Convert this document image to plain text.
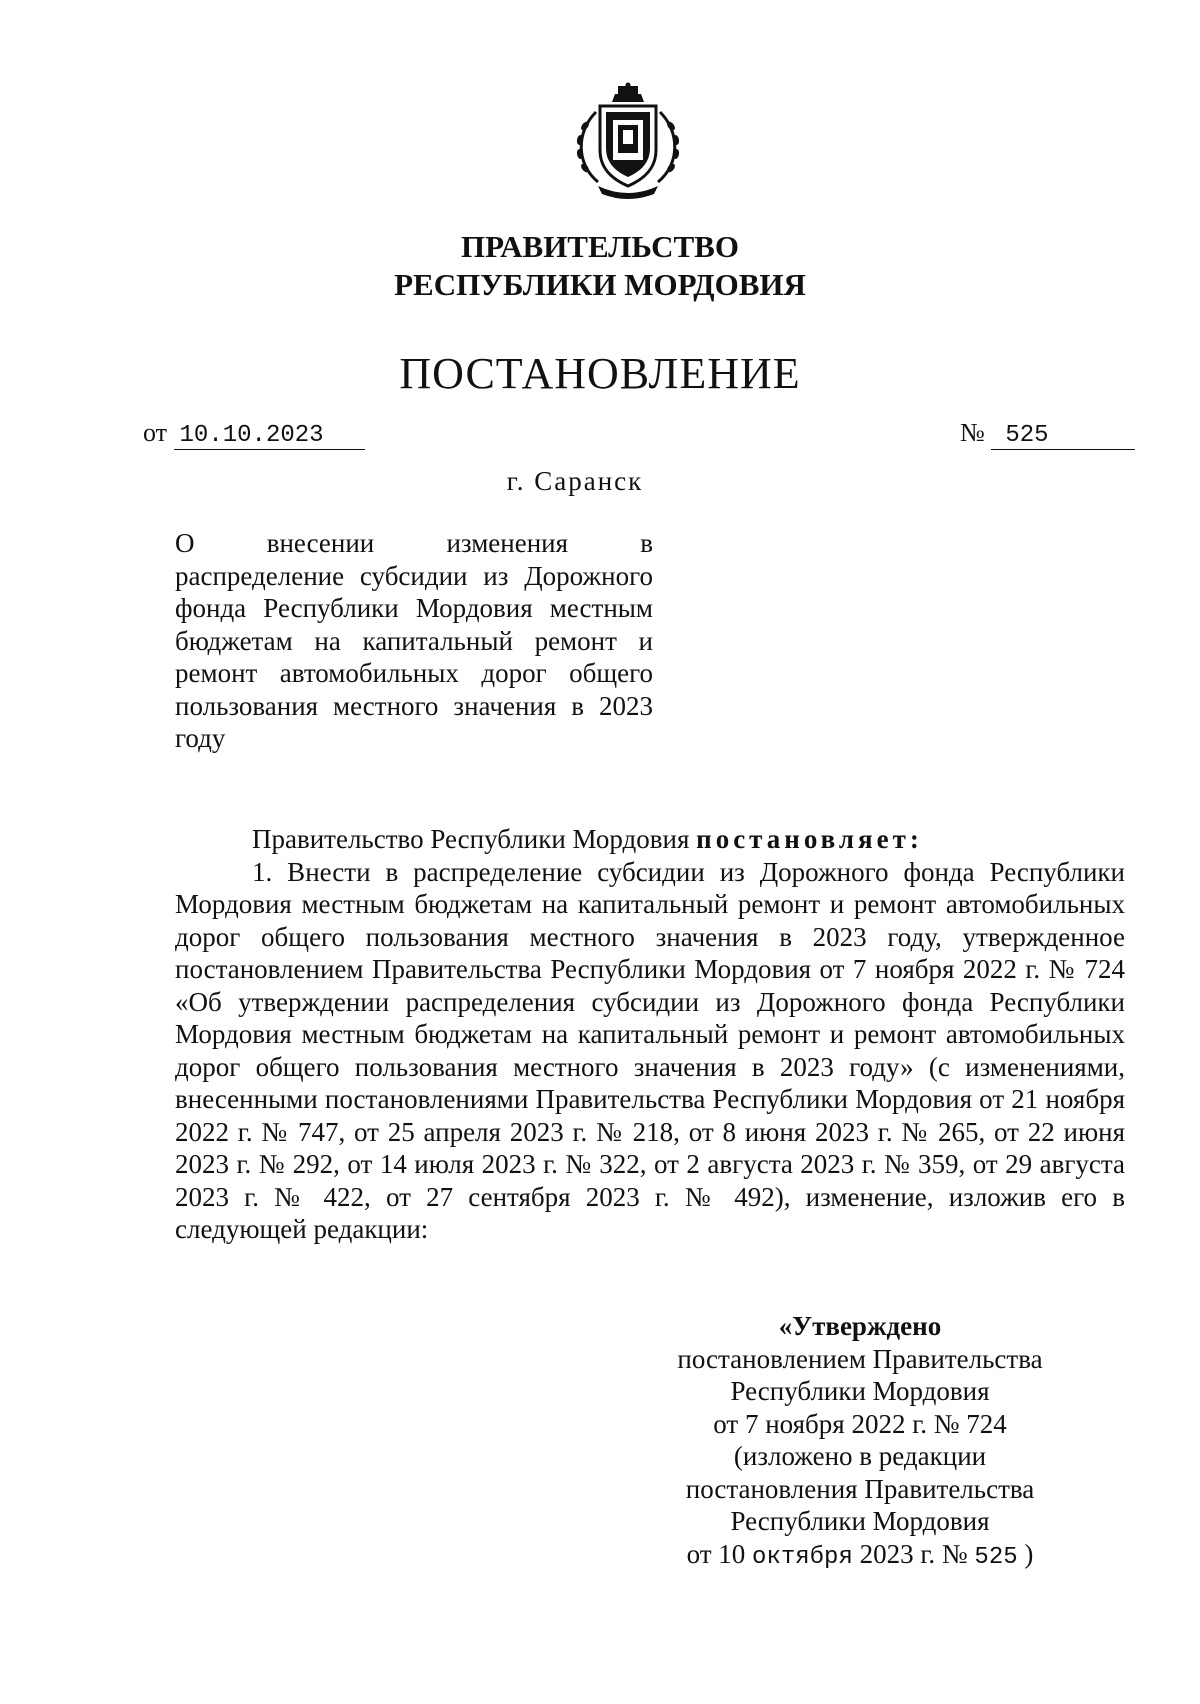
ПРАВИТЕЛЬСТВО
РЕСПУБЛИКИ МОРДОВИЯ
ПОСТАНОВЛЕНИЕ
от 10.10.2023	№ 525
г. Саранск
О	внесении	изменения	в
распределение субсидии из Дорожного фонда Республики Мордовия местным бюджетам на капитальный ремонт и ремонт автомобильных дорог общего пользования местного значения в 2023 году
Правительство Республики Мордовия постановляет:
1. Внести в распределение субсидии из Дорожного фонда Республики Мордовия местным бюджетам на капитальный ремонт и ремонт автомобильных дорог общего пользования местного значения в 2023 году, утвержденное постановлением Правительства Республики Мордовия от 7 ноября 2022 г. № 724 «Об утверждении распределения субсидии из Дорожного фонда Республики Мордовия местным бюджетам на капитальный ремонт и ремонт автомобильных дорог общего пользования местного значения в 2023 году» (с изменениями, внесенными постановлениями Правительства Республики Мордовия от 21 ноября 2022 г. № 747, от 25 апреля 2023 г. № 218, от 8 июня 2023 г. № 265, от 22 июня 2023 г. № 292, от 14 июля 2023 г. № 322, от 2 августа 2023 г. № 359, от 29 августа 2023 г. № 422, от 27 сентября 2023 г. № 492), изменение, изложив его в следующей редакции:
«Утверждено
постановлением Правительства
Республики Мордовия
от 7 ноября 2022 г. № 724
(изложено в редакции
постановления Правительства
Республики Мордовия
от 10 октября 2023 г. № 525 )
